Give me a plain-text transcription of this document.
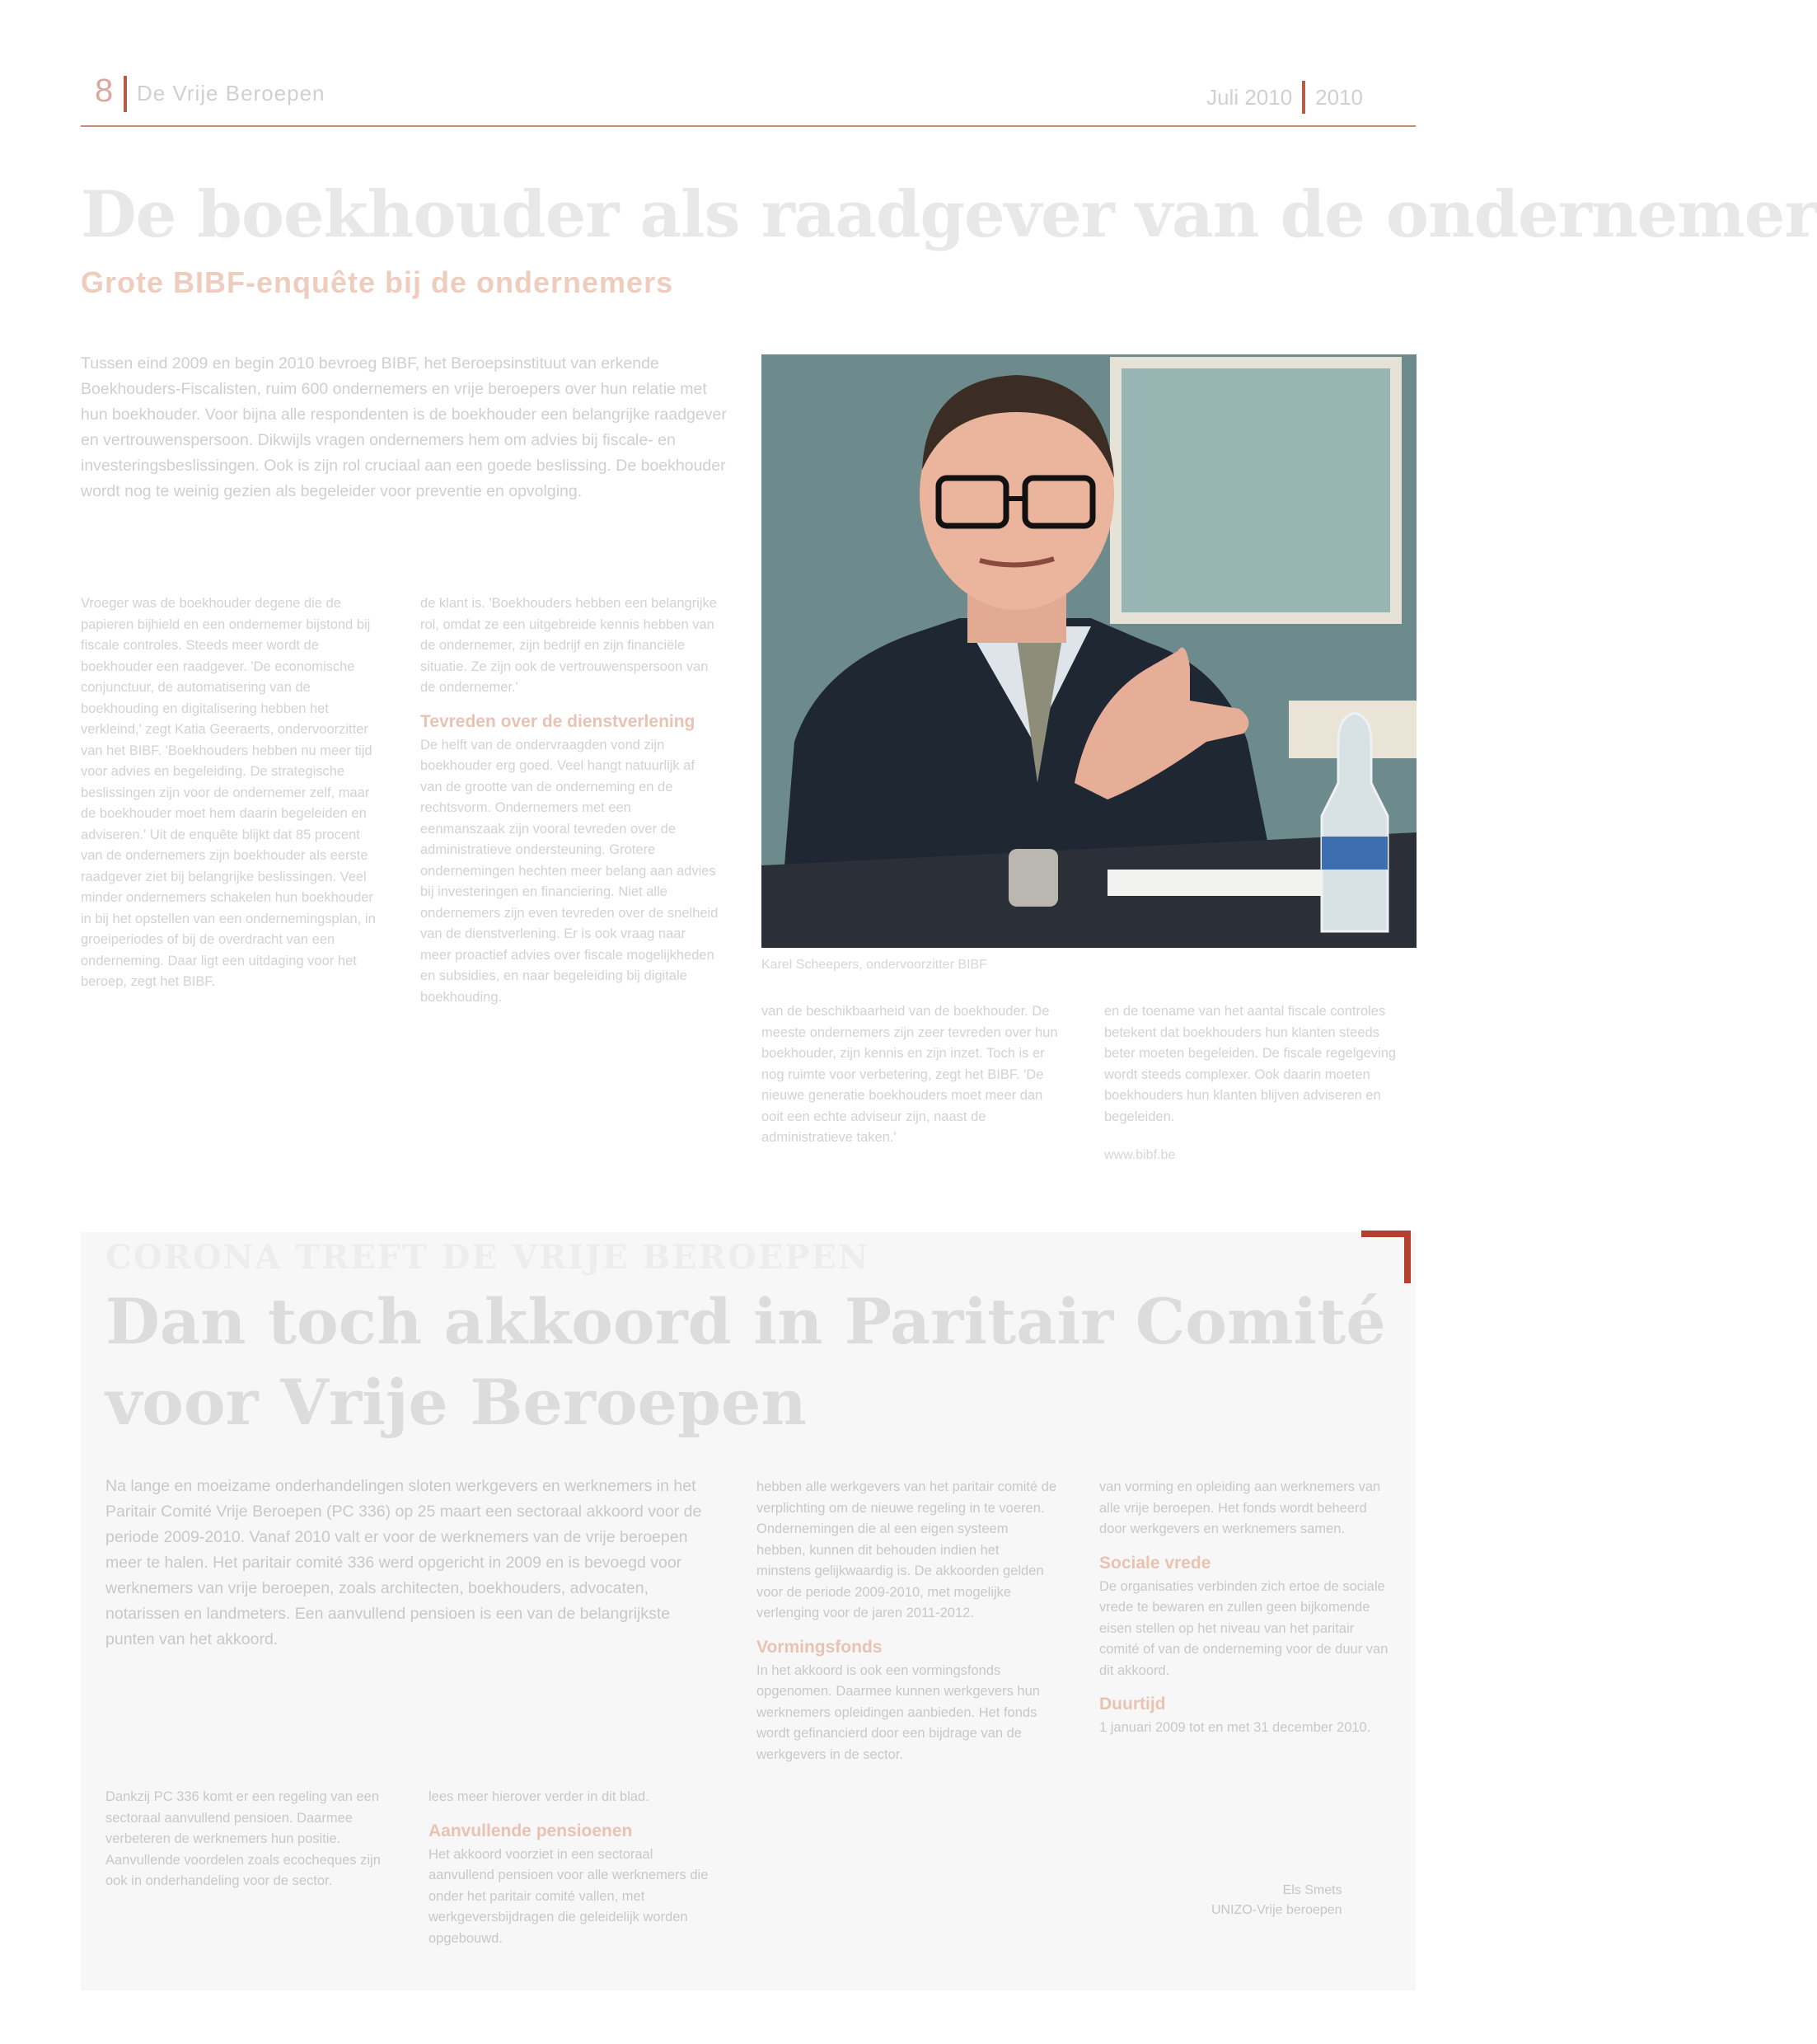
8 De Vrije Beroepen	Juli 2010 2010
De boekhouder als raadgever van de ondernemer
Grote BIBF-enquête bij de ondernemers
Tussen eind 2009 en begin 2010 bevroeg BIBF, het Beroepsinstituut van erkende Boekhouders-Fiscalisten, ruim 600 ondernemers en vrije beroepers over hun relatie met hun boekhouder. Voor bijna alle respondenten is de boekhouder een belangrijke raadgever en vertrouwenspersoon. Dikwijls vragen ondernemers hem om advies bij fiscale- en investeringsbeslissingen. Ook is zijn rol cruciaal aan een goede beslissing. De boekhouder wordt nog te weinig gezien als begeleider voor preventie en opvolging.

Vroeger was de boekhouder degene die de papieren bijhield en een ondernemer bijstond bij fiscale controles. Steeds meer wordt de boekhouder een raadgever. 'De economische conjunctuur, de automatisering van de boekhouding en digitalisering hebben het verkleind,' zegt Katia Geeraerts, ondervoorzitter van het BIBF. 'Boekhouders hebben nu meer tijd voor advies en begeleiding. De strategische beslissingen zijn voor de ondernemer zelf, maar de boekhouder moet hem daarin begeleiden en adviseren.' Uit de enquête blijkt dat 85 procent van de ondernemers zijn boekhouder als eerste raadgever ziet bij belangrijke beslissingen. Veel minder ondernemers schakelen hun boekhouder in bij het opstellen van een ondernemingsplan, in groeiperiodes of bij de overdracht van een onderneming. Daar ligt een uitdaging voor het beroep, zegt het BIBF.

de klant is. 'Boekhouders hebben een belangrijke rol, omdat ze een uitgebreide kennis hebben van de ondernemer, zijn bedrijf en zijn financiële situatie. Ze zijn ook de vertrouwenspersoon van de ondernemer.'

Tevreden over de dienstverlening

De helft van de ondervraagden vond zijn boekhouder erg goed. Veel hangt natuurlijk af van de grootte van de onderneming en de rechtsvorm. Ondernemers met een eenmanszaak zijn vooral tevreden over de administratieve ondersteuning. Grotere ondernemingen hechten meer belang aan advies bij investeringen en financiering. Niet alle ondernemers zijn even tevreden over de snelheid van de dienstverlening. Er is ook vraag naar meer proactief advies over fiscale mogelijkheden en subsidies, en naar begeleiding bij digitale boekhouding.

Karel Scheepers, ondervoorzitter BIBF

van de beschikbaarheid van de boekhouder. De meeste ondernemers zijn zeer tevreden over hun boekhouder, zijn kennis en zijn inzet. Toch is er nog ruimte voor verbetering, zegt het BIBF. 'De nieuwe generatie boekhouders moet meer dan ooit een echte adviseur zijn, naast de administratieve taken.'

en de toename van het aantal fiscale controles betekent dat boekhouders hun klanten steeds beter moeten begeleiden. De fiscale regelgeving wordt steeds complexer. Ook daarin moeten boekhouders hun klanten blijven adviseren en begeleiden.

www.bibf.be
CORONA TREFT DE VRIJE BEROEPEN
Dan toch akkoord in Paritair Comité voor Vrije Beroepen
Na lange en moeizame onderhandelingen sloten werkgevers en werknemers in het Paritair Comité Vrije Beroepen (PC 336) op 25 maart een sectoraal akkoord voor de periode 2009-2010. Vanaf 2010 valt er voor de werknemers van de vrije beroepen meer te halen. Het paritair comité 336 werd opgericht in 2009 en is bevoegd voor werknemers van vrije beroepen, zoals architecten, boekhouders, advocaten, notarissen en landmeters. Een aanvullend pensioen is een van de belangrijkste punten van het akkoord.

Dankzij PC 336 komt er een regeling van een sectoraal aanvullend pensioen. Daarmee verbeteren de werknemers hun positie. Aanvullende voordelen zoals ecocheques zijn ook in onderhandeling voor de sector.

lees meer hierover verder in dit blad.

Aanvullende pensioenen

Het akkoord voorziet in een sectoraal aanvullend pensioen voor alle werknemers die onder het paritair comité vallen, met werkgeversbijdragen die geleidelijk worden opgebouwd.

hebben alle werkgevers van het paritair comité de verplichting om de nieuwe regeling in te voeren. Ondernemingen die al een eigen systeem hebben, kunnen dit behouden indien het minstens gelijkwaardig is. De akkoorden gelden voor de periode 2009-2010, met mogelijke verlenging voor de jaren 2011-2012.

Vormingsfonds

In het akkoord is ook een vormingsfonds opgenomen. Daarmee kunnen werkgevers hun werknemers opleidingen aanbieden. Het fonds wordt gefinancierd door een bijdrage van de werkgevers in de sector.

van vorming en opleiding aan werknemers van alle vrije beroepen. Het fonds wordt beheerd door werkgevers en werknemers samen.

Sociale vrede

De organisaties verbinden zich ertoe de sociale vrede te bewaren en zullen geen bijkomende eisen stellen op het niveau van het paritair comité of van de onderneming voor de duur van dit akkoord.

Duurtijd

1 januari 2009 tot en met 31 december 2010.

Els Smets
UNIZO-Vrije beroepen
